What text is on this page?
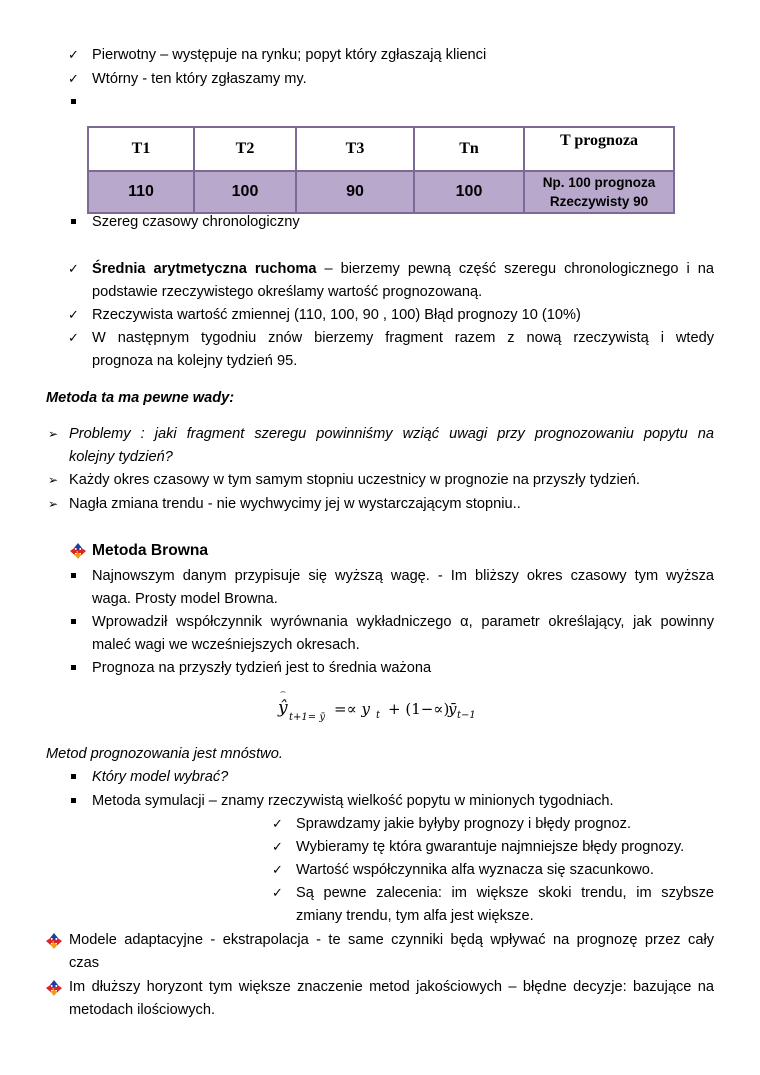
✓ Pierwotny – występuje na rynku; popyt który zgłaszają klienci
✓ Wtórny - ten który zgłaszamy my.
T1	T2	T3	Tn	T prognoza
110	100	90	100	Np. 100 prognoza
Rzeczywisty 90
Szereg czasowy chronologiczny
✓ Średnia arytmetyczna ruchoma – bierzemy pewną część szeregu chronologicznego i na
podstawie rzeczywistego określamy wartość prognozowaną.
✓ Rzeczywista wartość zmiennej (110, 100, 90 , 100) Błąd prognozy 10 (10%)
✓ W następnym tygodniu znów bierzemy fragment razem z nową rzeczywistą i wtedy
prognoza na kolejny tydzień 95.
Metoda ta ma pewne wady:
➢ Problemy : jaki fragment szeregu powinniśmy wziąć uwagi przy prognozowaniu popytu na
kolejny tydzień?
➢ Każdy okres czasowy w tym samym stopniu uczestnicy w prognozie na przyszły tydzień.
➢ Nagła zmiana trendu - nie wychwycimy jej w wystarczającym stopniu..
Metoda Browna
Najnowszym danym przypisuje się wyższą wagę. - Im bliższy okres czasowy tym wyższa
waga. Prosty model Browna.
Wprowadził współczynnik wyrównania wykładniczego α, parametr określający, jak powinny
maleć wagi we wcześniejszych okresach.
Prognoza na przyszły tydzień jest to średnia ważona
ŷ
⌢
t+1= ȳ =∝ y t + (1−∝)
ȳ t−1
Metod prognozowania jest mnóstwo.
Który model wybrać?
Metoda symulacji – znamy rzeczywistą wielkość popytu w minionych tygodniach.
✓ Sprawdzamy jakie byłyby prognozy i błędy prognoz.
✓ Wybieramy tę która gwarantuje najmniejsze błędy prognozy.
✓ Wartość współczynnika alfa wyznacza się szacunkowo.
✓ Są pewne zalecenia: im większe skoki trendu, im szybsze
zmiany trendu, tym alfa jest większe.
Modele adaptacyjne - ekstrapolacja - te same czynniki będą wpływać na prognozę przez cały
czas
Im dłuższy horyzont tym większe znaczenie metod jakościowych – błędne decyzje: bazujące na
metodach ilościowych.
